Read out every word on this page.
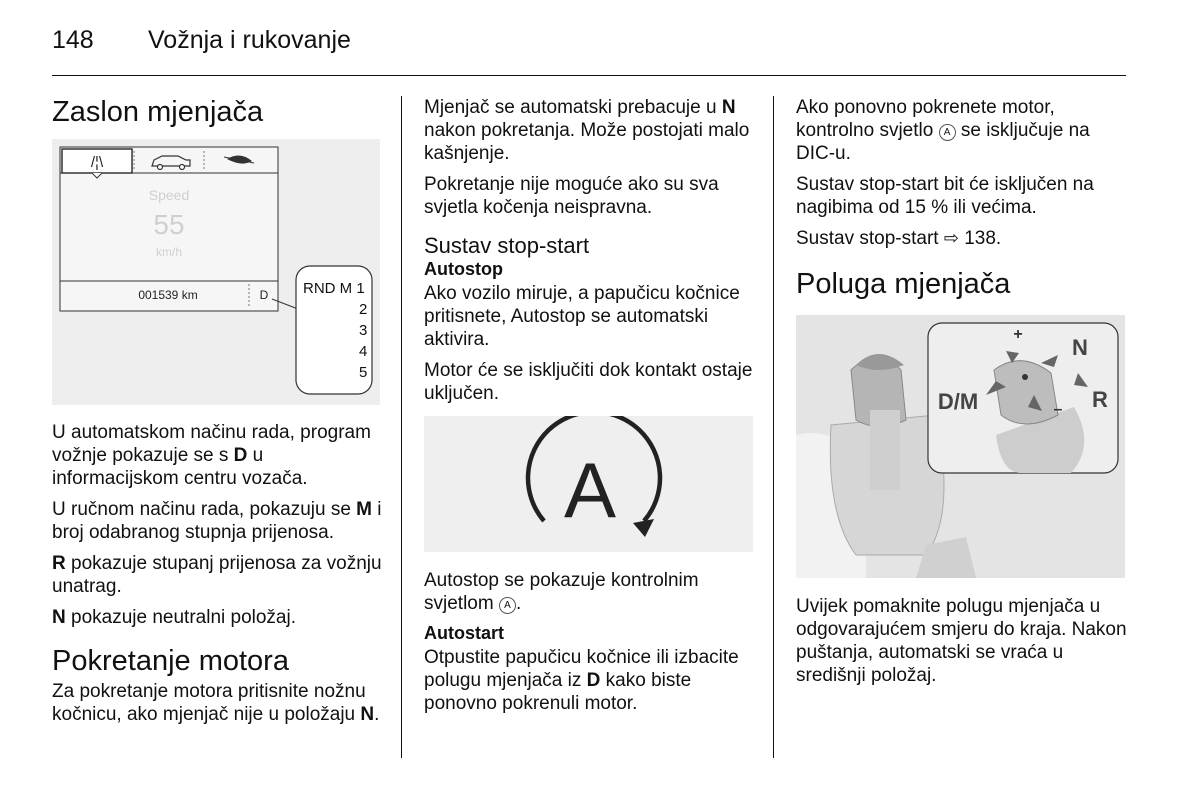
148 Vožnja i rukovanje
Zaslon mjenjača
/¦\
Speed
55
km/h
001539 km	D RND M 1
2
3
4
5

U automatskom načinu rada, program vožnje pokazuje se s D u informacijskom centru vozača.

U ručnom načinu rada, pokazuju se M i broj odabranog stupnja prijenosa.

R pokazuje stupanj prijenosa za vožnju unatrag.

N pokazuje neutralni položaj.

Pokretanje motora

Za pokretanje motora pritisnite nožnu kočnicu, ako mjenjač nije u položaju N.

Mjenjač se automatski prebacuje u N nakon pokretanja. Može postojati malo kašnjenje.

Pokretanje nije moguće ako su sva svjetla kočenja neispravna.

Sustav stop-start
Autostop

Ako vozilo miruje, a papučicu kočnice pritisnete, Autostop se automatski aktivira.

Motor će se isključiti dok kontakt ostaje uključen.

A

Autostop se pokazuje kontrolnim svjetlom A .

Autostart

Otpustite papučicu kočnice ili izbacite polugu mjenjača iz D kako biste ponovno pokrenuli motor.

Ako ponovno pokrenete motor, kontrolno svjetlo A se isključuje na DIC-u.

Sustav stop-start bit će isključen na nagibima od 15 % ili većima.

Sustav stop-start ⇨ 138.

Poluga mjenjača
+
–
N
R
D/M

Uvijek pomaknite polugu mjenjača u odgovarajućem smjeru do kraja. Nakon puštanja, automatski se vraća u središnji položaj.
